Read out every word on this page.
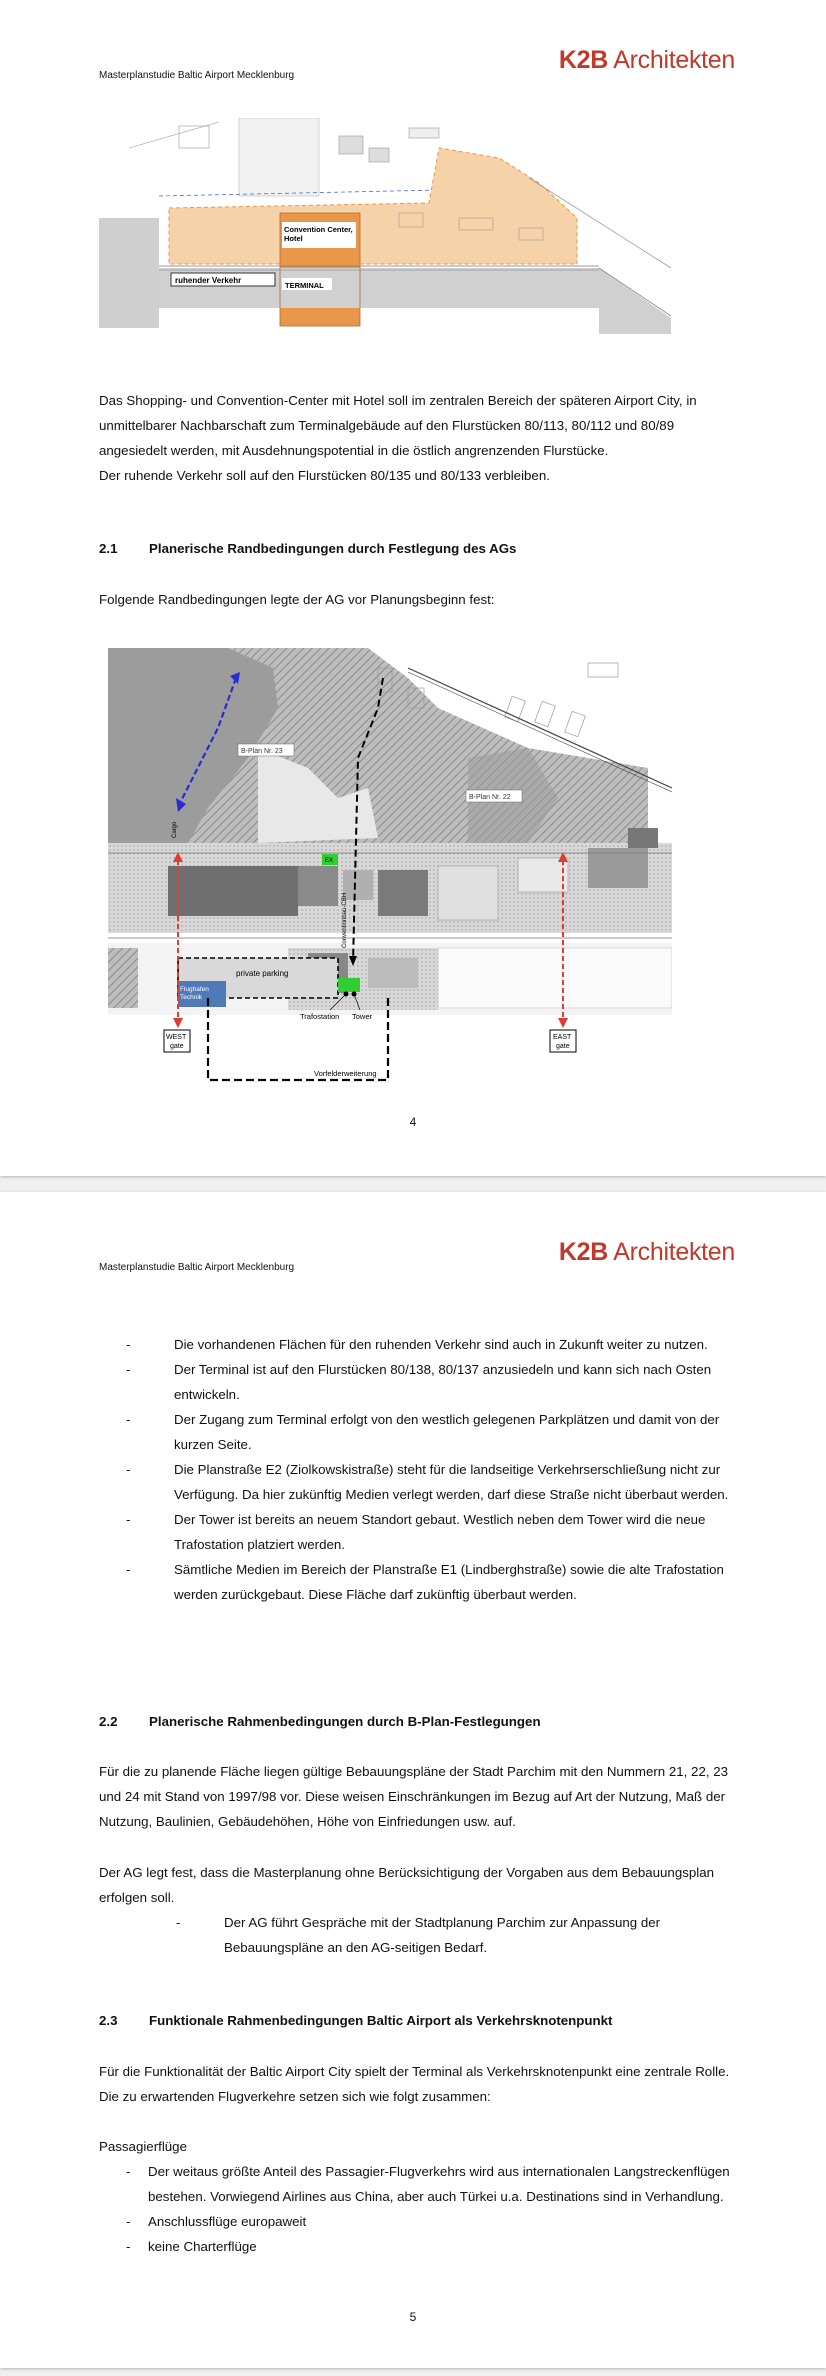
Masterplanstudie Baltic Airport Mecklenburg
K2B Architekten
Convention Center, Hotel
ruhender Verkehr
TERMINAL

Das Shopping- und Convention-Center mit Hotel soll im zentralen Bereich der späteren Airport City, in unmittelbarer Nachbarschaft zum Terminalgebäude auf den Flurstücken 80/113, 80/112 und 80/89 angesiedelt werden, mit Ausdehnungspotential in die östlich angrenzenden Flurstücke.

Der ruhende Verkehr soll auf den Flurstücken 80/135 und 80/133 verbleiben.

2.1 Planerische Randbedingungen durch Festlegung des AGs

Folgende Randbedingungen legte der AG vor Planungsbeginn fest:

B-Plan Nr. 23
B-Plan Nr. 22
EX
private parking
Flughafen Technik
Trafostation Tower
Vorfelderweiterung
Conventionbau-CBH
Cargo
WEST
gate
EAST
gate
4
Masterplanstudie Baltic Airport Mecklenburg
K2B Architekten
- Die vorhandenen Flächen für den ruhenden Verkehr sind auch in Zukunft weiter zu nutzen.
- Der Terminal ist auf den Flurstücken 80/138, 80/137 anzusiedeln und kann sich nach Osten entwickeln.
- Der Zugang zum Terminal erfolgt von den westlich gelegenen Parkplätzen und damit von der kurzen Seite.
- Die Planstraße E2 (Ziolkowskistraße) steht für die landseitige Verkehrserschließung nicht zur Verfügung. Da hier zukünftig Medien verlegt werden, darf diese Straße nicht überbaut werden.
- Der Tower ist bereits an neuem Standort gebaut. Westlich neben dem Tower wird die neue Trafostation platziert werden.
- Sämtliche Medien im Bereich der Planstraße E1 (Lindberghstraße) sowie die alte Trafostation werden zurückgebaut. Diese Fläche darf zukünftig überbaut werden.
2.2 Planerische Rahmenbedingungen durch B-Plan-Festlegungen

Für die zu planende Fläche liegen gültige Bebauungspläne der Stadt Parchim mit den Nummern 21, 22, 23 und 24 mit Stand von 1997/98 vor. Diese weisen Einschränkungen im Bezug auf Art der Nutzung, Maß der Nutzung, Baulinien, Gebäudehöhen, Höhe von Einfriedungen usw. auf.

Der AG legt fest, dass die Masterplanung ohne Berücksichtigung der Vorgaben aus dem Bebauungsplan erfolgen soll.

- Der AG führt Gespräche mit der Stadtplanung Parchim zur Anpassung der Bebauungspläne an den AG-seitigen Bedarf.
2.3 Funktionale Rahmenbedingungen Baltic Airport als Verkehrsknotenpunkt

Für die Funktionalität der Baltic Airport City spielt der Terminal als Verkehrsknotenpunkt eine zentrale Rolle. Die zu erwartenden Flugverkehre setzen sich wie folgt zusammen:

Passagierflüge

- Der weitaus größte Anteil des Passagier-Flugverkehrs wird aus internationalen Langstreckenflügen bestehen. Vorwiegend Airlines aus China, aber auch Türkei u.a. Destinations sind in Verhandlung.
- Anschlussflüge europaweit
- keine Charterflüge
5
